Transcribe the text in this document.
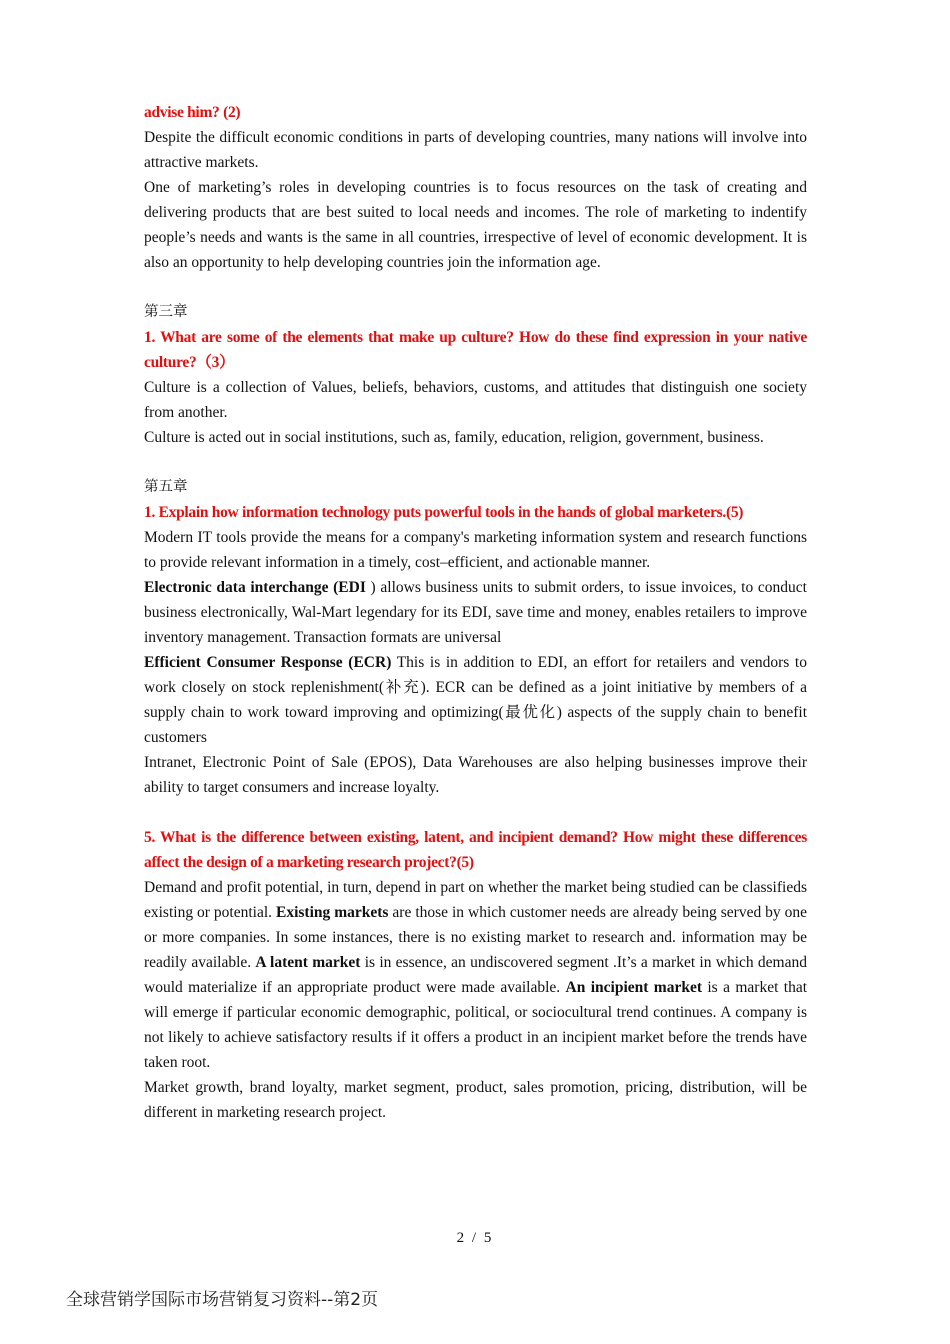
advise him? (2)

Despite the difficult economic conditions in parts of developing countries, many nations will involve into attractive markets.

One of marketing’s roles in developing countries is to focus resources on the task of creating and delivering products that are best suited to local needs and incomes. The role of marketing to indentify people’s needs and wants is the same in all countries, irrespective of level of economic development. It is also an opportunity to help developing countries join the information age.

第三章

1. What are some of the elements that make up culture? How do these find expression in your native culture?（3）

Culture is a collection of Values, beliefs, behaviors, customs, and attitudes that distinguish one society from another.

Culture is acted out in social institutions, such as, family, education, religion, government, business.

第五章

1. Explain how information technology puts powerful tools in the hands of global marketers.(5)

Modern IT tools provide the means for a company's marketing information system and research functions to provide relevant information in a timely, cost–efficient, and actionable manner.

Electronic data interchange (EDI ) allows business units to submit orders, to issue invoices, to conduct business electronically, Wal-Mart legendary for its EDI, save time and money, enables retailers to improve inventory management. Transaction formats are universal

Efficient Consumer Response (ECR) This is in addition to EDI, an effort for retailers and vendors to work closely on stock replenishment(补充). ECR can be defined as a joint initiative by members of a supply chain to work toward improving and optimizing(最优化) aspects of the supply chain to benefit customers

Intranet, Electronic Point of Sale (EPOS), Data Warehouses are also helping businesses improve their ability to target consumers and increase loyalty.

5. What is the difference between existing, latent, and incipient demand? How might these differences affect the design of a marketing research project?(5)

Demand and profit potential, in turn, depend in part on whether the market being studied can be classifieds existing or potential. Existing markets are those in which customer needs are already being served by one or more companies. In some instances, there is no existing market to research and. information may be readily available. A latent market is in essence, an undiscovered segment .It’s a market in which demand would materialize if an appropriate product were made available. An incipient market is a market that will emerge if particular economic demographic, political, or sociocultural trend continues. A company is not likely to achieve satisfactory results if it offers a product in an incipient market before the trends have taken root.

Market growth, brand loyalty, market segment, product, sales promotion, pricing, distribution, will be different in marketing research project.

2 / 5
全球营销学国际市场营销复习资料--第2页
